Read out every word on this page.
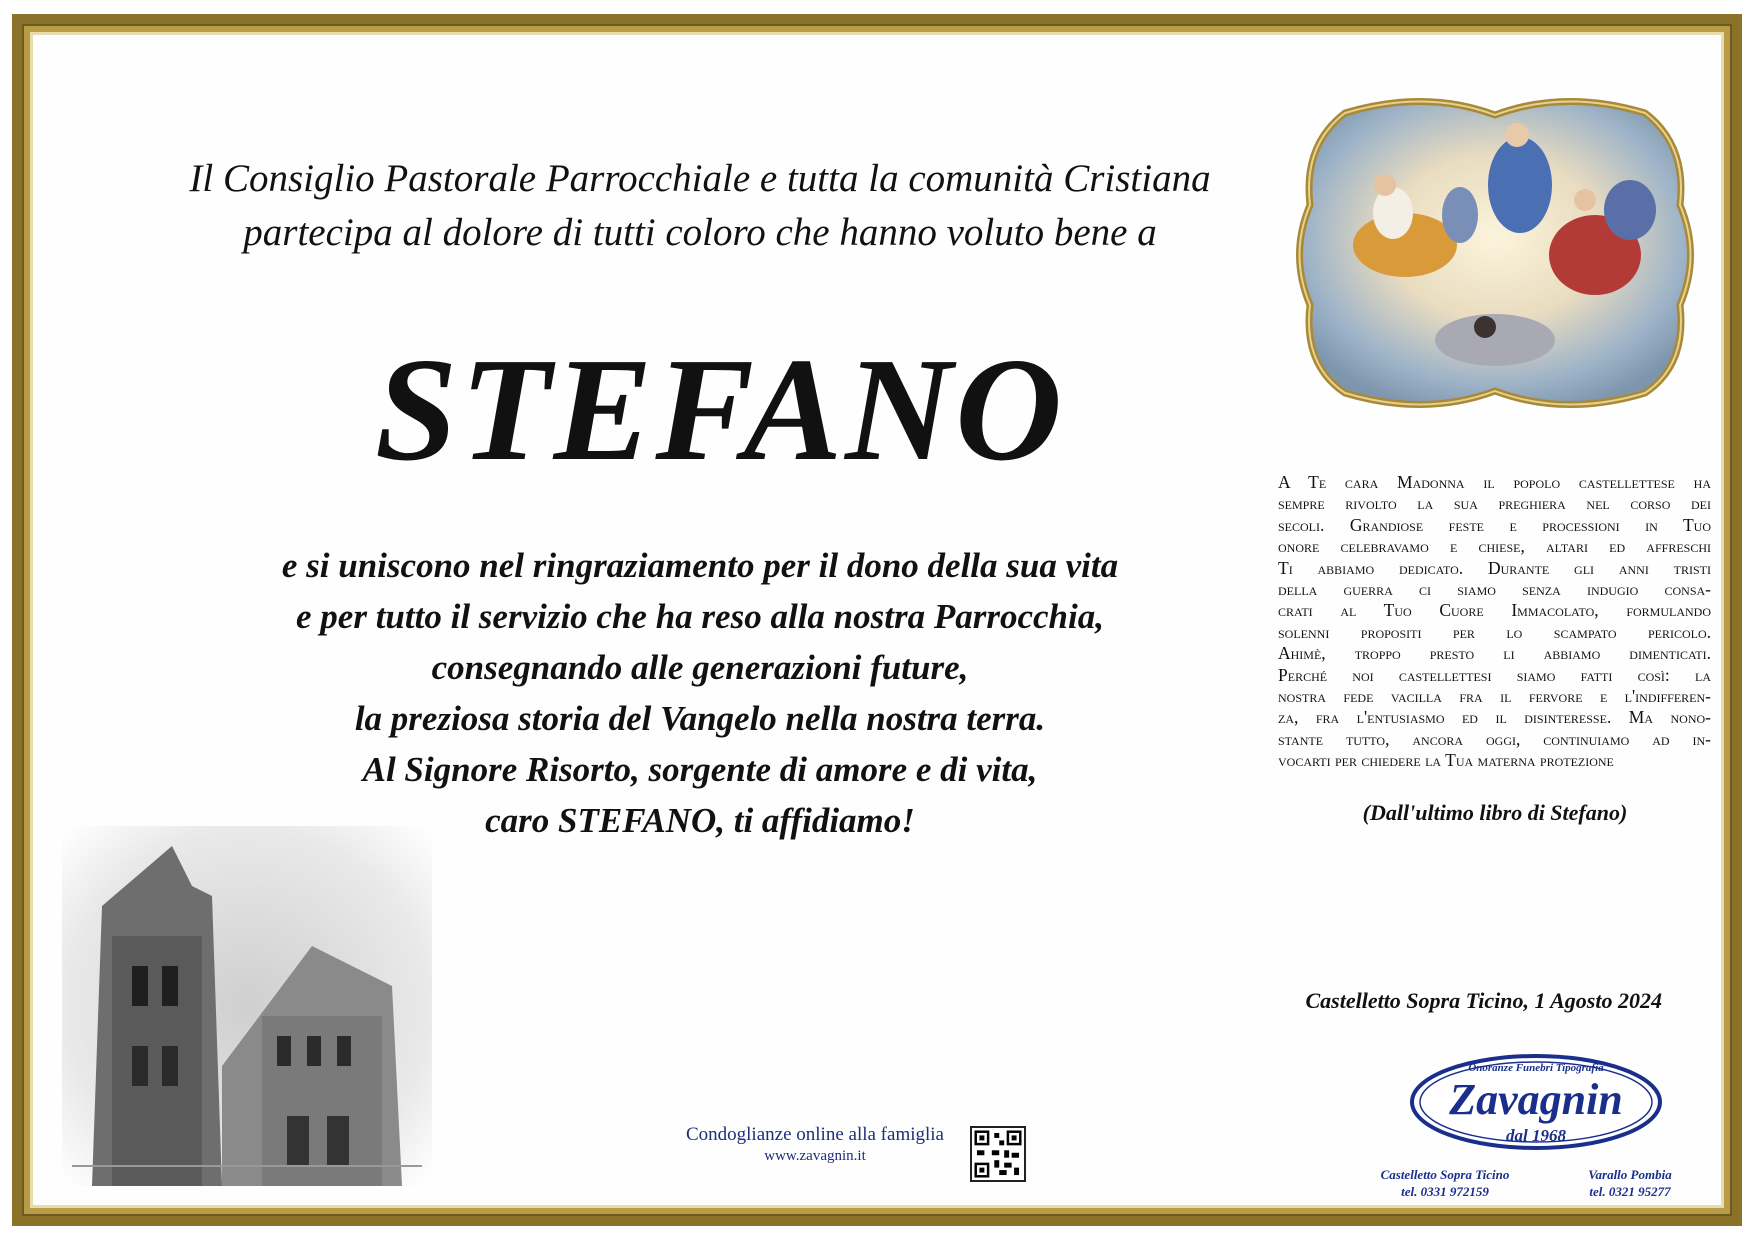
Il Consiglio Pastorale Parrocchiale e tutta la comunità Cristiana
partecipa al dolore di tutti coloro che hanno voluto bene a
STEFANO
e si uniscono nel ringraziamento per il dono della sua vita
e per tutto il servizio che ha reso alla nostra Parrocchia,
consegnando alle generazioni future,
la preziosa storia del Vangelo nella nostra terra.
Al Signore Risorto, sorgente di amore e di vita,
caro STEFANO, ti affidiamo!
A Te cara Madonna il popolo castellettese ha
sempre rivolto la sua preghiera nel corso dei
secoli. Grandiose feste e processioni in Tuo
onore celebravamo e chiese, altari ed affreschi
Ti abbiamo dedicato. Durante gli anni tristi
della guerra ci siamo senza indugio consa-
crati al Tuo Cuore Immacolato, formulando
solenni propositi per lo scampato pericolo.
Ahimè, troppo presto li abbiamo dimenticati.
Perché noi castellettesi siamo fatti così: la
nostra fede vacilla fra il fervore e l'indifferen-
za, fra l'entusiasmo ed il disinteresse. Ma nono-
stante tutto, ancora oggi, continuiamo ad in-
vocarti per chiedere la Tua materna protezione
(Dall'ultimo libro di Stefano)
Castelletto Sopra Ticino, 1 Agosto 2024
Condoglianze online alla famiglia
www.zavagnin.it
Onoranze Funebri Tipografia
Zavagnin
dal 1968
Castelletto Sopra Ticino
tel. 0331 972159
Varallo Pombia
tel. 0321 95277
